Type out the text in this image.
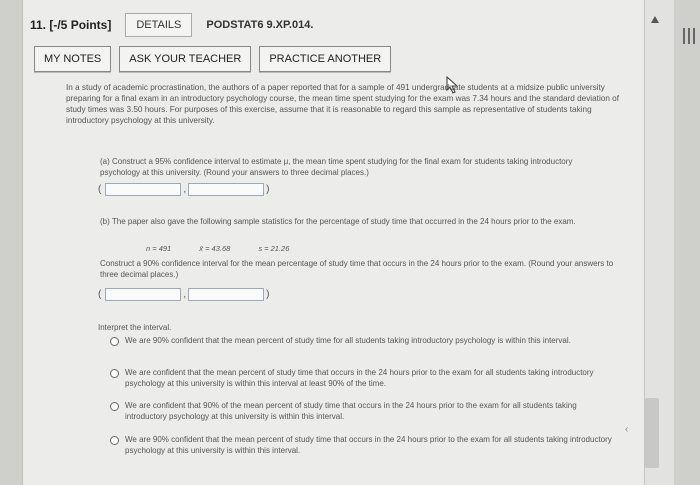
11. [-/5 Points]	DETAILS	PODSTAT6 9.XP.014.
MY NOTES	ASK YOUR TEACHER	PRACTICE ANOTHER
In a study of academic procrastination, the authors of a paper reported that for a sample of 491 undergraduate students at a midsize public university preparing for a final exam in an introductory psychology course, the mean time spent studying for the exam was 7.34 hours and the standard deviation of study times was 3.50 hours. For purposes of this exercise, assume that it is reasonable to regard this sample as representative of students taking introductory psychology at this university.
(a) Construct a 95% confidence interval to estimate μ, the mean time spent studying for the final exam for students taking introductory psychology at this university. (Round your answers to three decimal places.)
(	,	)
(b) The paper also gave the following sample statistics for the percentage of study time that occurred in the 24 hours prior to the exam.
n = 491	x̄ = 43.68	s = 21.26
Construct a 90% confidence interval for the mean percentage of study time that occurs in the 24 hours prior to the exam. (Round your answers to three decimal places.)
(	,	)
Interpret the interval.
We are 90% confident that the mean percent of study time for all students taking introductory psychology is within this interval.
We are confident that the mean percent of study time that occurs in the 24 hours prior to the exam for all students taking introductory psychology at this university is within this interval at least 90% of the time.
We are confident that 90% of the mean percent of study time that occurs in the 24 hours prior to the exam for all students taking introductory psychology at this university is within this interval.
We are 90% confident that the mean percent of study time that occurs in the 24 hours prior to the exam for all students taking introductory psychology at this university is within this interval.
‹
